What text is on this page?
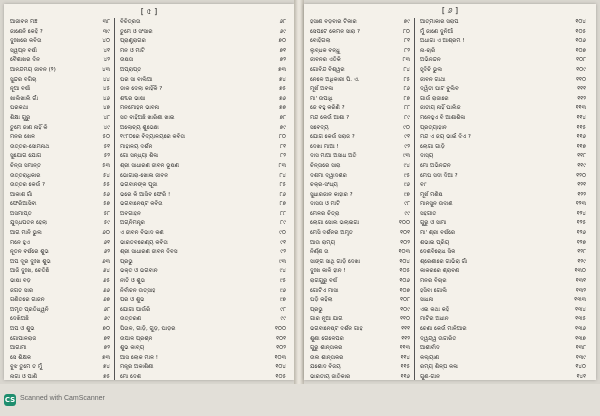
[ ৫ ]
ଆଜୀବନ ମଞ୍ଚ	୩୮ ବିଚିତ୍ରତା	୬୮
ଜାଣେନି କେହି ?	୩୯ ତୁମେ ଓ ସଂସାର	୬୯
ଦୁଃଖରେ କବିତା	୪୦ ପ୍ରାଣ୍ଟ୍ରାଗର	୭୦
ସ୍ୱପ୍ନ ବର୍ଷା	୪୧ ମନ ଓ ମାଟି	୭୧
ବୈଶାଖର ଦିନ	୪୨ ଉଷତା	୭୨
ଆନନ୍ଦମୟ ଜୀବନ (୨)	୪୩ ଅପ୍ରାପ୍ତ	୭୩
ସୁନ୍ଦର ବଗିଚା	୪୪ ଘର ସା ବାଲିଆ	୭୪
ନୂଆ ବର୍ଷା	୪୫ ଡାକ ଦେଲା କାହିଁକି ?	୭୫
ଖାଲିଖାଲି ଗାଁ	୪୬ ଶବ୍ଦର ଭାଷା	୭୬
ଘରକଥା	୪୭ ମନମୋହନ ଭାବନା	୭୭
ଶିକ୍ଷା ଗୁରୁ	୪୮ ସତ ବାହିଅଛି ଖାରିଣୀ ଖାଇ	୭୮
ତୁମେ ଜାଣ ନାହିଁ କି	୪୯ ଅଲୋଚ୍ୟ ଶୁଭେଛା	୭୯
ମନର ଖେଳ	୫୦ ୧୯୮୦ରେ ବିଦ୍ୟାଳୟରେ କବିତା	୮୦
ଉତ୍ତର-ସୋମନାଥ	୫୧ ମାହାଳୟ ଦର୍ଶନ	୮୧
ସୁଯୋଗ ଯୋଗ	୫୨ ଗୋ ସନ୍ଧ୍ୟା ଶିଳା	୮୨
ଚିନ୍ତା ସମାନ୍ତ	୫୩ ଶ୍ରୀ ସାଧାରଣ ଜୀବନ ଭୂଷଣ	୮୩
ଉତ୍ତରାଧିକାର	୫୪ ଭୋଗାରା-ଖୋଳା ଜୀବନ	୮୪
ଉତ୍ତର କେଉଁ ?	୫୫ ଭଗବାନଙ୍କ ପୂଜା	୮୫
ଆକାଶ ଗାଁ	୫୬ ଭରେ କି ଆସିବ ଫେରି !	୮୬
ଫେରିଆସିବା	୫୭ ଭଗବାନେଷ୍ଟ କବିତା	୮୭
ଅସମାପ୍ତ	୫୮ ଅବଗାହନ	୮୮
ଯୁଦ୍ଧପତନ ହେଲା	୫୯ ଅଗ୍ନିମନ୍ତ୍ର	୮୯
ଆଗ ମାନି ଭୁଲ	୬୦ ଏ ଜୀବନ ବିଭାଦ କଣ	୯୦
ମନେ ହୁଏ	୬୧ ଭାରତବରେଣ୍ୟ କବିତା	୯୧
ନୂତନ ବର୍ଷରେ ଶୁଭ	୬୨ ଶ୍ରୀ ସାଧାରଣ ଜୀବନ ଦିବସ	୯୨
ଅପ ଦୂର ଦୁଃଖ ଶୁଭ	୬୩ ପ୍ରଭୁ	୯୩
ଆଜି ଦୁଃଖ, ଚେତିଛି	୬୪ ଭକ୍ତ ଓ ଭଗବାନ	୯୪
ଭାଷା ବଡ଼	୬୫ ନୀତି ଓ ଶୁଭ	୯୫
ଜଗତ ସାର	୬୬ ନିର୍ବାଚନ ଉତ୍ସାହ	୯୬
ଗଣିତରେ ଗାଜନ	୬୭ ପର ଓ ଶୁଭ	୯୭
ଅମୃତ ପ୍ରତିଧ୍ୱନି	୬୮ ଯୋଗୀ ପାଉଁରି	୯୮
ଦେଖିଅଛି	୬୯ ଉତ୍ତରଣ	୯୯
ଅପ ଓ ଶୁଭ	୭୦ ପିତାଳ, ଗାଡ଼ି, ଗୁଡ଼, ଘାଡ଼ର	୧୦୦
ଗୋପାଳରାଜ	୭୧ ଉପାଳ ପ୍ରଶ୍ନ	୧୦୧
ଆଗାମୀ	୭୨ ଶୁଭ କାବ୍ୟ	୧୦୨
ସେ ଶିକ୍ଷକ	୭୩ ଆସ ଲୋକ ମାଳ !	୧୦୩
ବୁଝ ତୁମେ ତ ମୁଁ	୭୪ ମନ୍ତ୍ର ଅକାଶିଣୀ	୧୦୪
ନାଗା ଓ ପାଣି	୭୫ ମୋ ଦେଶ	୧୦୫
[ ୬ ]
ହସାଣ ବଡ଼ବାର ଟିକାର	୭୯ ଆତ୍ମାକାର ସରାପ	୧୦୪
ସେପଟେ କେମନ ସାରା ?	୮୦ ମୁଁ ଜାଣେ ଦୁନିଆଁ	୧୦୫
ବୋହିଗଲା	୮୧ ଅଧାଗା ଏ ଆଶ୍ରମ !	୧୦୬
ଲୁବ୍ଧକ ବନ୍ଧୁ	୮୨ ନା-ଚାରି	୧୦୭
ଜୀବନର ଏତିକି	୮୩ ଅଭିନନ୍ଦନ	୧୦୮
ଗୋବିନ୍ଦ ବିଶ୍ୱର	୮୪ ହୃଦିଚି ଭୁଲ	୧୦୯
ନେଳେ ଅଧିକାରୀ ପି. ଏ.	୮୫ ଜୀବନ ଗାଥା	୧୧୦
ମୂର୍ଖ ଅବଳା	୮୬ ଦ୍ୱିତୀ ଘାଟ ବୁଲିବ	୧୧୧
ମା' ଉପାଧି	୮୭ ଗାଉଁ ରାଜାରେ	୧୧୨
ଜେ ବହୁ କରିଣି ?	୮୮ ଜାତୀୟ ନାହିଁ ଘାଲିଜ	୧୧୩
ମନ୍ଦ କେଉଁ ଆଶା ?	୮୯ ମନେହୁଏ ବି ଆଶାଶିଳା	୧୧୪
ସବେଦ୍ୟ	୯୦ ପ୍ରତ୍ୟାହାନ	୧୧୫
ଯୋଗ କେଉଁ ସରାଜ ?	୯୧ ମନ୍ଦ ଏ ଜୟ ଭାଇଁ ଦିଏ ?	୧୧୬
ଦେଖା ମାଆ !	୯୨ ଲୋଗା ଗାଡ଼ି	୧୧୭
ଦାସ ମାଆ ଅସାଧ ଅତି	୯୩ ଦାସ୍ୟ	୧୧୮
ଚିନ୍ତାରେ ସାରା	୯୪ ମୋ ଅଭିନନ୍ଦନ	୧୧୯
ଦଶମା ଦ୍ୱାଦଶର	୯୫ ମେଘ ସଦୀ ଦିଆ ?	୧୨୦
ଚକ୍ର-ସଂଧ୍ୟ	୯୬ ବା'	୧୨୧
ସୁଧାରଜାନ କାହାର ?	୯୭ ମୂର୍ଖ ମଣିଷ	୧୨୨
ଦାସତା ଓ ମାଟି	୯୮ ମାନସୁନ ଉଦାଣ	୧୨୩
ମେଳର ଚିତ୍ରା	୯୯ ସହଗୀତ	୧୨୪
ଲୋଗା ସୋଲ ଭଲାଇଗା	୧୦୦ ଗୁରୁ ଓ ସାମା	୧୨୫
ମେସି ଦର୍ଶନର ଅମୃତ	୧୦୧ ମା' ଶ୍ରୀ ବର୍ଷରେ	୧୨୬
ଆଉ ରାମ୍ୟ	୧୦୨ ଶଭାଇ ପ୍ରିୟ	୧୨୭
ନିର୍ଣ୍ଣ ତା	୧୦୩ ଦେଶବିରୋଧ ସିକ	୧୨୮
ସାଙ୍ଗ ସାଥି ଗାଡ଼ି ଦେଖା	୧୦୪ ଶ୍ରେଣୀରେ ଗାଭିରା ଗାଁ	୧୨୯
ଦୁଃଖ କାଳି ହୀନ !	୧୦୫ କାକରରେ ଶ୍ରାବଣ	୧୩୦
ରାଗଗୁରୁ ବର୍ଷ	୧୦୬ ମନର ବିଚାର	୧୩୧
ଗୋଟିଏ ମାସା	୧୦୭ ହସିବା ଗୋଲି	୧୩୨
ଘଡ଼ି କହିଲା	୧୦୮ ସାଧନା	୧୩୩
ପ୍ରଭୁ	୧୦୯ ଏଇ କଥା କହି	୧୩୪
ଗାର ନୂଆ ଯାଗ	୧୧୦ ମାଟିର ଅଧୀନ	୧୩୫
ଭଗବାନେଷ୍ଟ ଦର୍ଶନ ଗାହ	୧୧୧ ଚେଣା କେଉଁ ମାଳିଆର	୧୩୬
ଶୁଣା ଗେଳେପର	୧୧୨ ଦ୍ୱନ୍ଦ୍ୱ ଉଚ୍ଚାରିତ	୧୩୭
ଗୁରୁ ଶାନ୍ତାକର	୧୧୩ ଆଶୀର୍ବାଦ	୧୩୮
ଉଲ ଶାନ୍ତାକର	୧୧୪ କଲ୍ୟାଣ	୧୩୯
ଯଶୋଦ ବିଜୟ	୧୧୫ ରମ୍ୟ ଶିଳ୍ପ କଳା	୧୪୦
ଭାରତୀୟ ଜାତିକାର	୧୧୬ ଗୁଣ-ଗାନ	୧୪୧
CS Scanned with CamScanner
